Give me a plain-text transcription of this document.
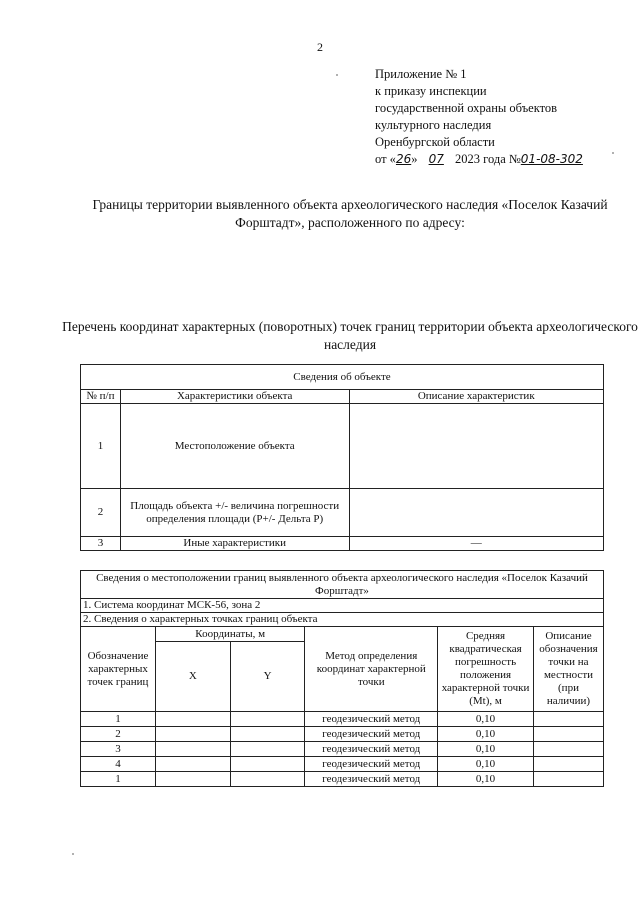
2
Приложение № 1
к приказу инспекции
государственной охраны объектов
культурного наследия
Оренбургской области
от «26» 07 2023 года №01-08-302
Границы территории выявленного объекта археологического наследия «Поселок Казачий Форштадт», расположенного по адресу:
Перечень координат характерных (поворотных) точек границ территории объекта археологического наследия
Сведения об объекте		
№ п/п	Характеристики объекта	Описание характеристик
1	Местоположение объекта	
2	Площадь объекта +/- величина погрешности определения площади (P+/- Дельта P)	
3	Иные характеристики	—
Сведения о местоположении границ выявленного объекта археологического наследия «Поселок Казачий Форштадт»					
1. Система координат МСК-56, зона 2					
2. Сведения о характерных точках границ объекта					
Обозначение характерных точек границ	Координаты, м		Метод определения координат характерной точки	Средняя квадратическая погрешность положения характерной точки (Mt), м	Описание обозначения точки на местности (при наличии)
	X	Y			
1			геодезический метод	0,10	
2			геодезический метод	0,10	
3			геодезический метод	0,10	
4			геодезический метод	0,10	
1			геодезический метод	0,10	
